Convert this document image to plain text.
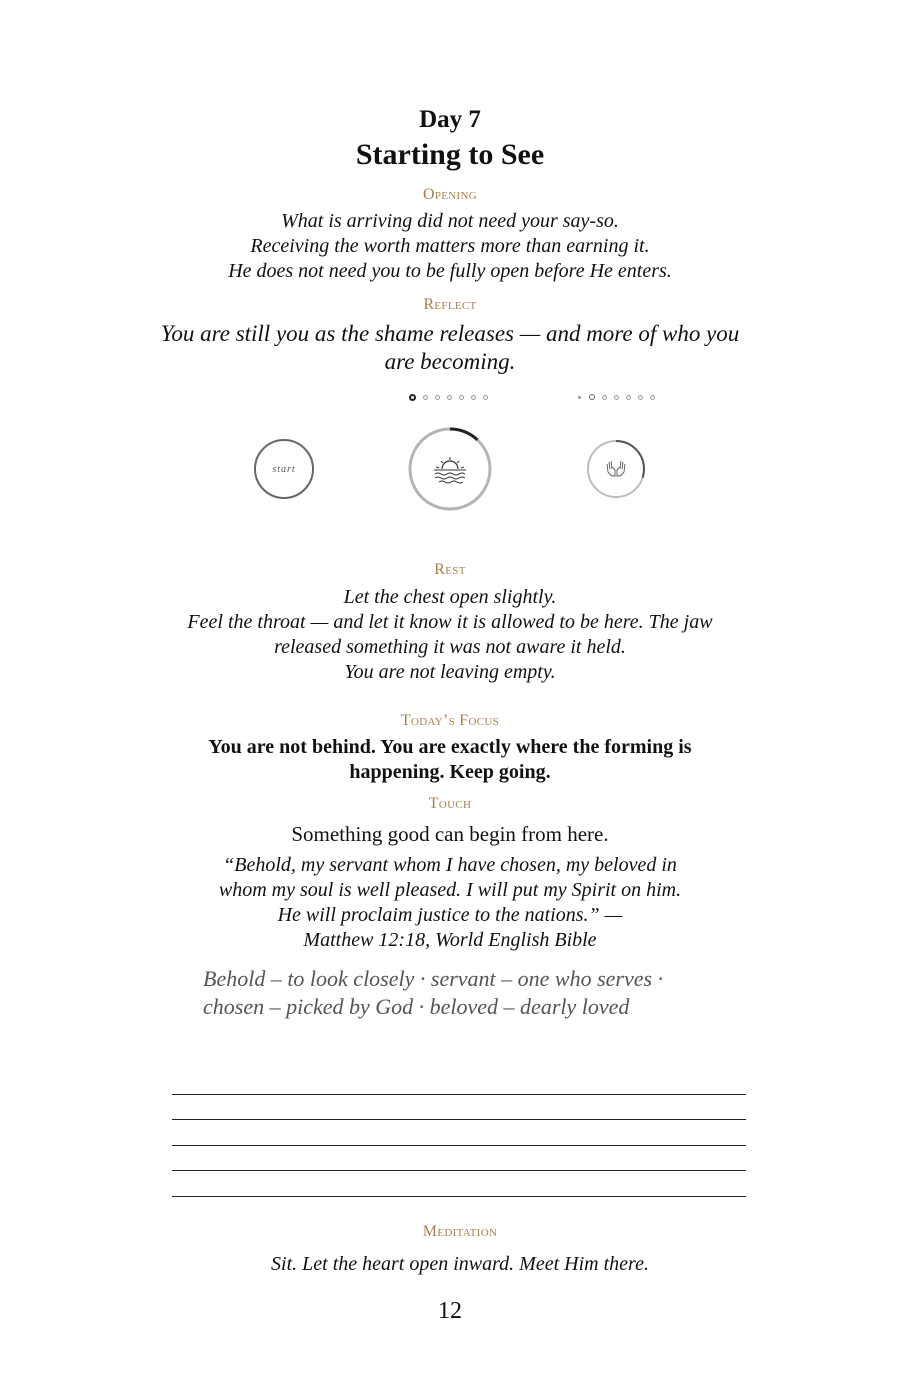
Day 7
Starting to See
Opening
What is arriving did not need your say-so.
Receiving the worth matters more than earning it.
He does not need you to be fully open before He enters.
Reflect
You are still you as the shame releases — and more of who you
are becoming.
start
Rest
Let the chest open slightly.
Feel the throat — and let it know it is allowed to be here. The jaw
released something it was not aware it held.
You are not leaving empty.
Today’s Focus
You are not behind. You are exactly where the forming is
happening. Keep going.
Touch
Something good can begin from here.
“Behold, my servant whom I have chosen, my beloved in
whom my soul is well pleased. I will put my Spirit on him.
He will proclaim justice to the nations.” —
Matthew 12:18, World English Bible
Behold – to look closely · servant – one who serves ·
chosen – picked by God · beloved – dearly loved
Meditation
Sit. Let the heart open inward. Meet Him there.
12
